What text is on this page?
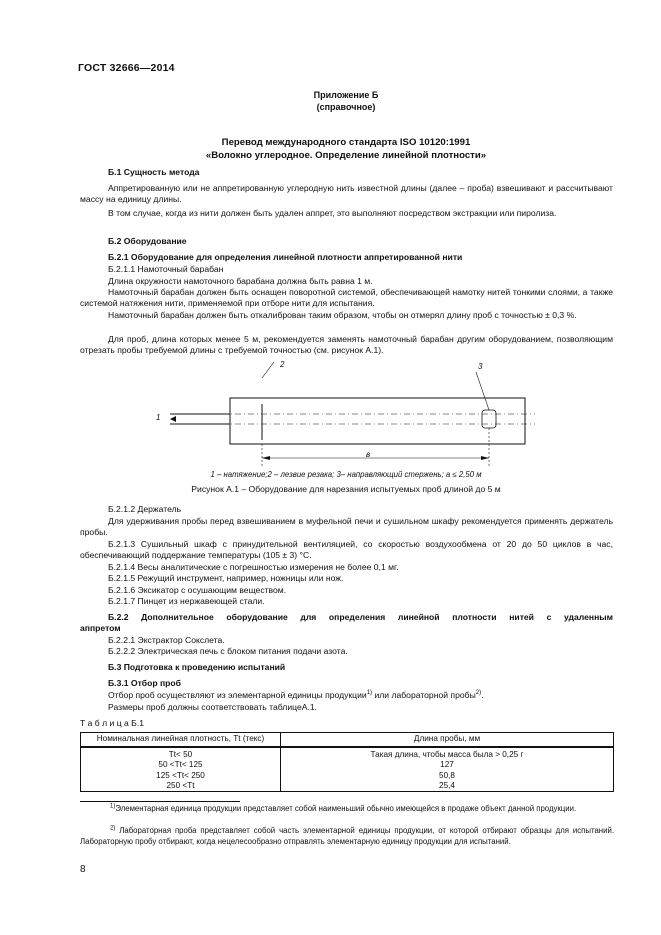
ГОСТ 32666—2014
Приложение Б
(справочное)
Перевод международного стандарта ISO 10120:1991
«Волокно углеродное. Определение линейной плотности»
Б.1 Сущность метода
Аппретированную или не аппретированную углеродную нить известной длины (далее – проба) взвешивают и рассчитывают массу на единицу длины.
В том случае, когда из нити должен быть удален аппрет, это выполняют посредством экстракции или пиролиза.
Б.2 Оборудование
Б.2.1 Оборудование для определения линейной плотности аппретированной нити
Б.2.1.1 Намоточный барабан
Длина окружности намоточного барабана должна быть равна 1 м.
Намоточный барабан должен быть оснащен поворотной системой, обеспечивающей намотку нитей тонкими слоями, а также системой натяжения нити, применяемой при отборе нити для испытания.
Намоточный барабан должен быть откалиброван таким образом, чтобы он отмерял длину проб с точностью ± 0,3 %.
Для проб, длина которых менее 5 м, рекомендуется заменять намоточный барабан другим оборудованием, позволяющим отрезать пробы требуемой длины с требуемой точностью (см. рисунок А.1).
1
2	3
в
1 – натяжение;2 – лезвие резака; 3– направляющий стержень; a ≤ 2,50 м
Рисунок А.1 – Оборудование для нарезания испытуемых проб длиной до 5 м
Б.2.1.2 Держатель
Для удерживания пробы перед взвешиванием в муфельной печи и сушильном шкафу рекомендуется применять держатель пробы.
Б.2.1.3 Сушильный шкаф с принудительной вентиляцией, со скоростью воздухообмена от 20 до 50 циклов в час, обеспечивающий поддержание температуры (105 ± 3) °С.
Б.2.1.4 Весы аналитические с погрешностью измерения не более 0,1 мг.
Б.2.1.5 Режущий инструмент, например, ножницы или нож.
Б.2.1.6 Эксикатор с осушающим веществом.
Б.2.1.7 Пинцет из нержавеющей стали.
Б.2.2 Дополнительное оборудование для определения линейной плотности нитей с удаленным
аппретом
Б.2.2.1 Экстрактор Сокслета.
Б.2.2.2 Электрическая печь с блоком питания подачи азота.
Б.3 Подготовка к проведению испытаний
Б.3.1 Отбор проб
Отбор проб осуществляют из элементарной единицы продукции$^{1)}$ или лабораторной пробы$^{2)}$.
Размеры проб должны соответствовать таблицеА.1.
Т а б л и ц а Б.1
Номинальная линейная плотность, Tt (текс)	Длина пробы, мм
Tt< 50	Такая длина, чтобы масса была > 0,25 г
50 <Tt< 125	127
125 <Tt< 250	50,8
250 <Tt	25,4
$^{1)}$Элементарная единица продукции представляет собой наименьший обычно имеющейся в продаже объект данной продукции.
$^{2)}$ Лабораторная проба представляет собой часть элементарной единицы продукции, от которой отбирают образцы для испытаний. Лабораторную пробу отбирают, когда нецелесообразно отправлять элементарную единицу продукции для испытаний.
8
